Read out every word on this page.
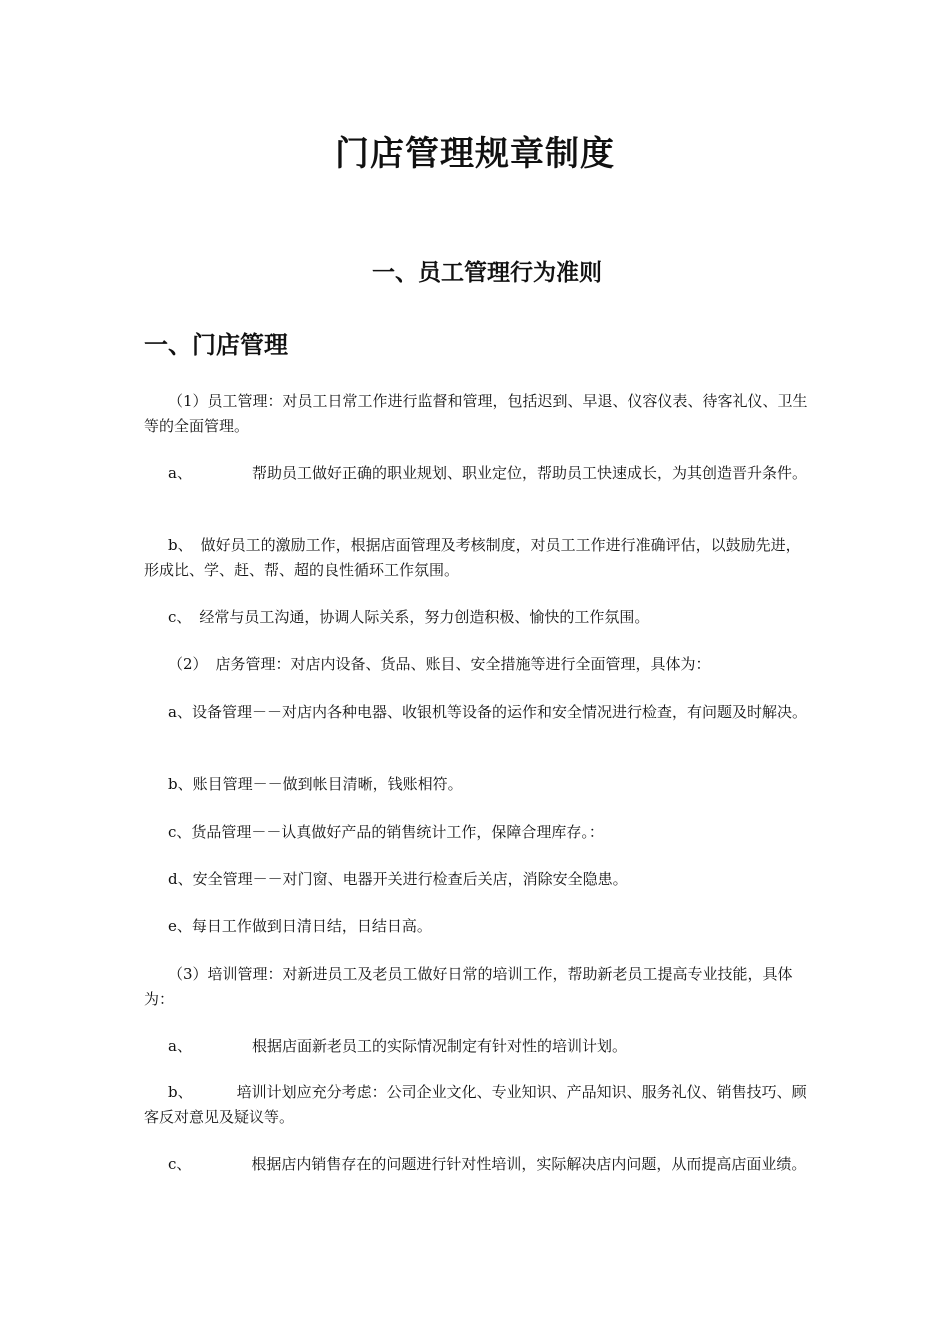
门店管理规章制度
一、员工管理行为准则
一、门店管理

（1）员工管理：对员工日常工作进行监督和管理，包括迟到、早退、仪容仪表、待客礼仪、卫生等的全面管理。

a、	帮助员工做好正确的职业规划、职业定位，帮助员工快速成长，为其创造晋升条件。

b、 做好员工的激励工作，根据店面管理及考核制度，对员工工作进行准确评估，以鼓励先进，形成比、学、赶、帮、超的良性循环工作氛围。

c、 经常与员工沟通，协调人际关系，努力创造积极、愉快的工作氛围。

（2） 店务管理：对店内设备、货品、账目、安全措施等进行全面管理，具体为：

a、设备管理－－对店内各种电器、收银机等设备的运作和安全情况进行检查，有问题及时解决。

b、账目管理－－做到帐目清晰，钱账相符。

c、货品管理－－认真做好产品的销售统计工作，保障合理库存。：

d、安全管理－－对门窗、电器开关进行检查后关店，消除安全隐患。

e、每日工作做到日清日结，日结日高。

（3）培训管理：对新进员工及老员工做好日常的培训工作，帮助新老员工提高专业技能，具体为：

a、	根据店面新老员工的实际情况制定有针对性的培训计划。

b、	培训计划应充分考虑：公司企业文化、专业知识、产品知识、服务礼仪、销售技巧、顾客反对意见及疑议等。

c、	根据店内销售存在的问题进行针对性培训，实际解决店内问题，从而提高店面业绩。
